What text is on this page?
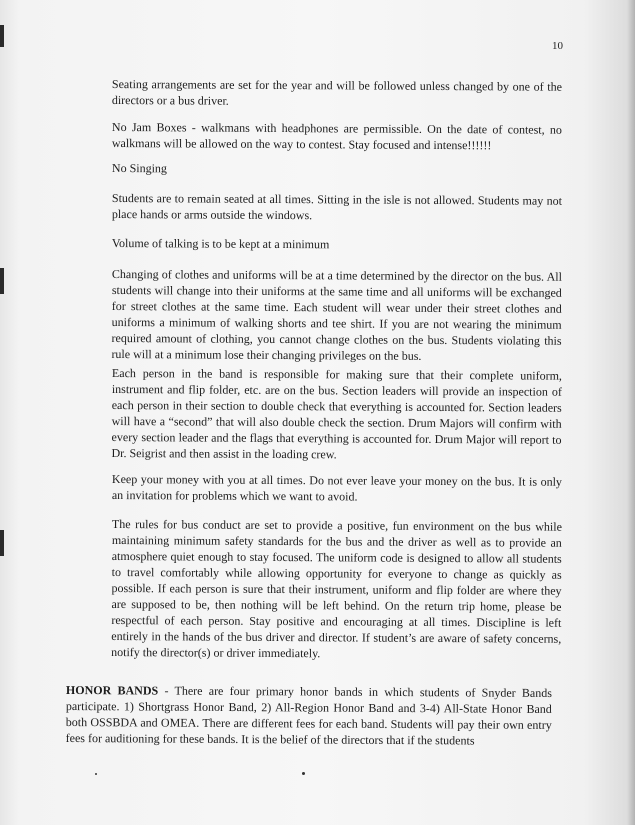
10

Seating arrangements are set for the year and will be followed unless changed by one of the directors or a bus driver.

No Jam Boxes - walkmans with headphones are permissible. On the date of contest, no walkmans will be allowed on the way to contest. Stay focused and intense!!!!!!

No Singing

Students are to remain seated at all times. Sitting in the isle is not allowed. Students may not place hands or arms outside the windows.

Volume of talking is to be kept at a minimum

Changing of clothes and uniforms will be at a time determined by the director on the bus. All students will change into their uniforms at the same time and all uniforms will be exchanged for street clothes at the same time. Each student will wear under their street clothes and uniforms a minimum of walking shorts and tee shirt. If you are not wearing the minimum required amount of clothing, you cannot change clothes on the bus. Students violating this rule will at a minimum lose their changing privileges on the bus.

Each person in the band is responsible for making sure that their complete uniform, instrument and flip folder, etc. are on the bus. Section leaders will provide an inspection of each person in their section to double check that everything is accounted for. Section leaders will have a “second” that will also double check the section. Drum Majors will confirm with every section leader and the flags that everything is accounted for. Drum Major will report to Dr. Seigrist and then assist in the loading crew.

Keep your money with you at all times. Do not ever leave your money on the bus. It is only an invitation for problems which we want to avoid.

The rules for bus conduct are set to provide a positive, fun environment on the bus while maintaining minimum safety standards for the bus and the driver as well as to provide an atmosphere quiet enough to stay focused. The uniform code is designed to allow all students to travel comfortably while allowing opportunity for everyone to change as quickly as possible. If each person is sure that their instrument, uniform and flip folder are where they are supposed to be, then nothing will be left behind. On the return trip home, please be respectful of each person. Stay positive and encouraging at all times. Discipline is left entirely in the hands of the bus driver and director. If student’s are aware of safety concerns, notify the director(s) or driver immediately.

HONOR BANDS - There are four primary honor bands in which students of Snyder Bands participate. 1) Shortgrass Honor Band, 2) All-Region Honor Band and 3-4) All-State Honor Band both OSSBDA and OMEA. There are different fees for each band. Students will pay their own entry fees for auditioning for these bands. It is the belief of the directors that if the students
